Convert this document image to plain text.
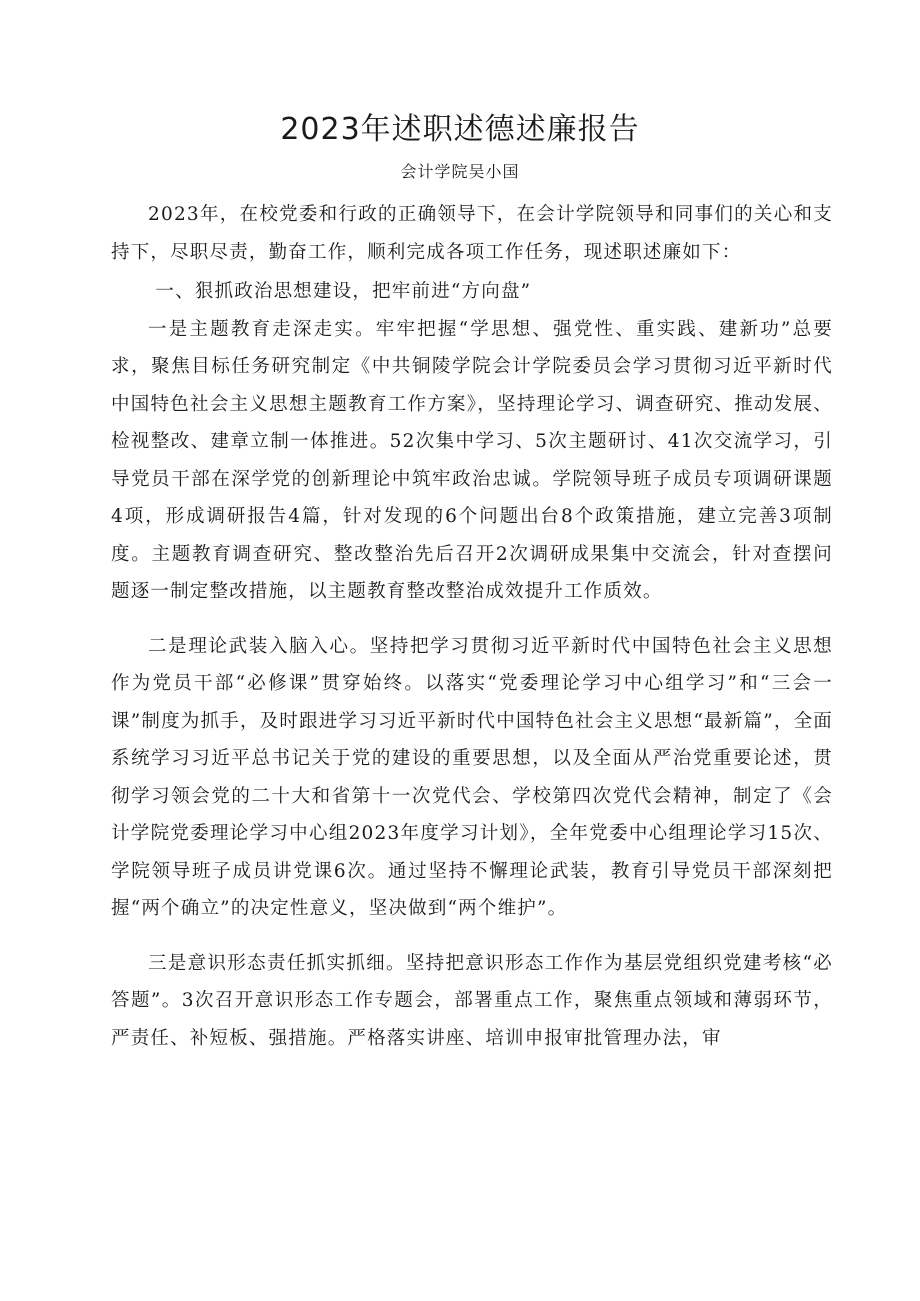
2023年述职述德述廉报告
会计学院吴小国

2023年，在校党委和行政的正确领导下，在会计学院领导和同事们的关心和支持下，尽职尽责，勤奋工作，顺利完成各项工作任务，现述职述廉如下：

一、狠抓政治思想建设，把牢前进“方向盘”

一是主题教育走深走实。牢牢把握“学思想、强党性、重实践、建新功”总要求，聚焦目标任务研究制定《中共铜陵学院会计学院委员会学习贯彻习近平新时代中国特色社会主义思想主题教育工作方案》，坚持理论学习、调查研究、推动发展、检视整改、建章立制一体推进。52次集中学习、5次主题研讨、41次交流学习，引导党员干部在深学党的创新理论中筑牢政治忠诚。学院领导班子成员专项调研课题4项，形成调研报告4篇，针对发现的6个问题出台8个政策措施，建立完善3项制度。主题教育调查研究、整改整治先后召开2次调研成果集中交流会，针对查摆问题逐一制定整改措施，以主题教育整改整治成效提升工作质效。

二是理论武装入脑入心。坚持把学习贯彻习近平新时代中国特色社会主义思想作为党员干部“必修课”贯穿始终。以落实“党委理论学习中心组学习”和“三会一课”制度为抓手，及时跟进学习习近平新时代中国特色社会主义思想“最新篇”，全面系统学习习近平总书记关于党的建设的重要思想，以及全面从严治党重要论述，贯彻学习领会党的二十大和省第十一次党代会、学校第四次党代会精神，制定了《会计学院党委理论学习中心组2023年度学习计划》，全年党委中心组理论学习15次、学院领导班子成员讲党课6次。通过坚持不懈理论武装，教育引导党员干部深刻把握“两个确立”的决定性意义，坚决做到“两个维护”。

三是意识形态责任抓实抓细。坚持把意识形态工作作为基层党组织党建考核“必答题”。3次召开意识形态工作专题会，部署重点工作，聚焦重点领域和薄弱环节，严责任、补短板、强措施。严格落实讲座、培训申报审批管理办法，审
